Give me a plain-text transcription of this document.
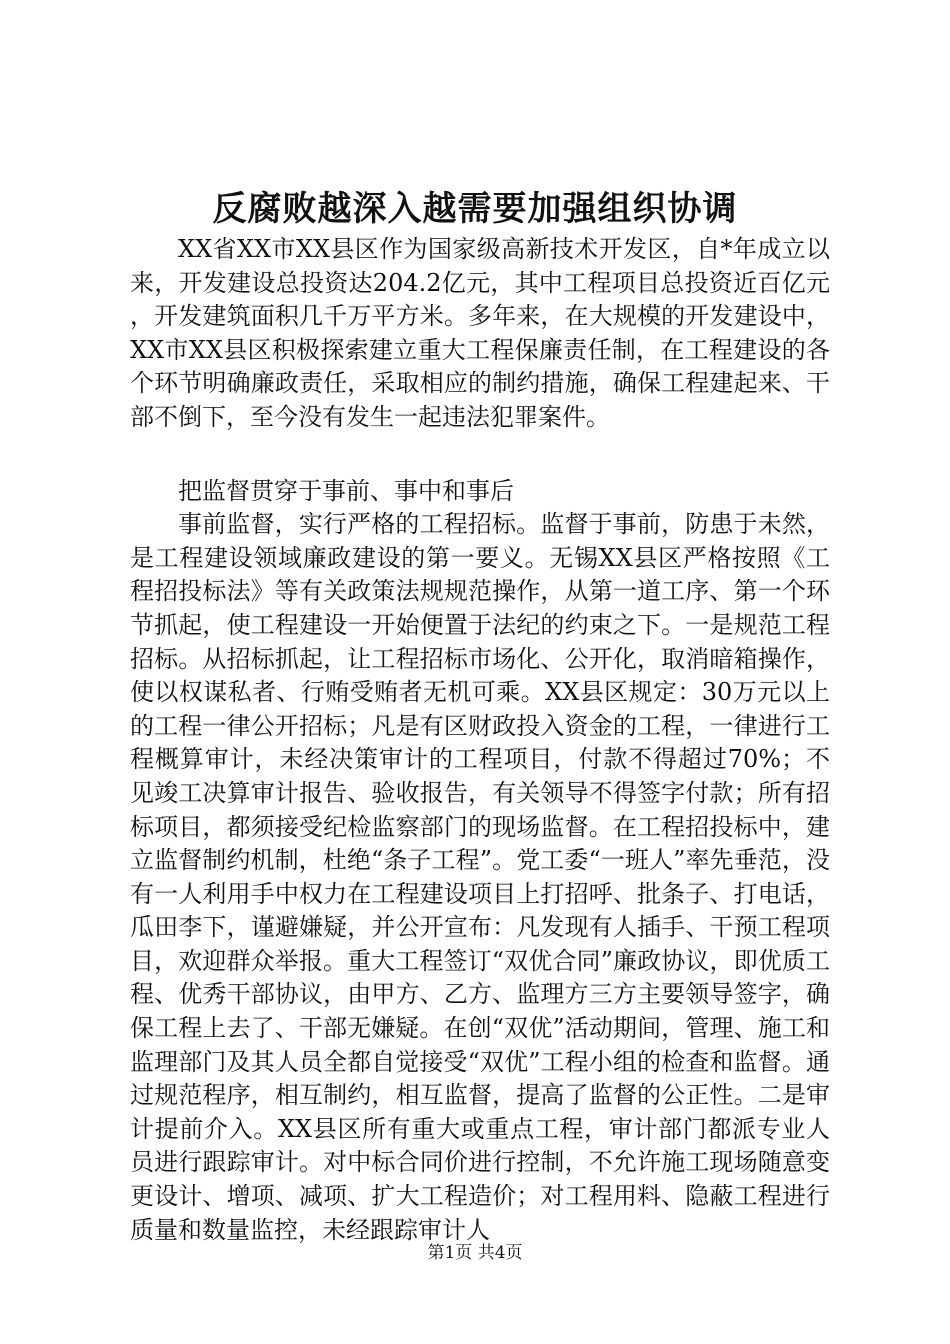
反腐败越深入越需要加强组织协调

XX省XX市XX县区作为国家级高新技术开发区，自*年成立以来，开发建设总投资达204.2亿元，其中工程项目总投资近百亿元，开发建筑面积几千万平方米。多年来，在大规模的开发建设中，XX市XX县区积极探索建立重大工程保廉责任制，在工程建设的各个环节明确廉政责任，采取相应的制约措施，确保工程建起来、干部不倒下，至今没有发生一起违法犯罪案件。

把监督贯穿于事前、事中和事后

事前监督，实行严格的工程招标。监督于事前，防患于未然，是工程建设领域廉政建设的第一要义。无锡XX县区严格按照《工程招投标法》等有关政策法规规范操作，从第一道工序、第一个环节抓起，使工程建设一开始便置于法纪的约束之下。一是规范工程招标。从招标抓起，让工程招标市场化、公开化，取消暗箱操作，使以权谋私者、行贿受贿者无机可乘。XX县区规定：30万元以上的工程一律公开招标；凡是有区财政投入资金的工程，一律进行工程概算审计，未经决策审计的工程项目，付款不得超过70%；不见竣工决算审计报告、验收报告，有关领导不得签字付款；所有招标项目，都须接受纪检监察部门的现场监督。在工程招投标中，建立监督制约机制，杜绝“条子工程”。党工委“一班人”率先垂范，没有一人利用手中权力在工程建设项目上打招呼、批条子、打电话，瓜田李下，谨避嫌疑，并公开宣布：凡发现有人插手、干预工程项目，欢迎群众举报。重大工程签订“双优合同”廉政协议，即优质工程、优秀干部协议，由甲方、乙方、监理方三方主要领导签字，确保工程上去了、干部无嫌疑。在创“双优”活动期间，管理、施工和监理部门及其人员全都自觉接受“双优”工程小组的检查和监督。通过规范程序，相互制约，相互监督，提高了监督的公正性。二是审计提前介入。XX县区所有重大或重点工程，审计部门都派专业人员进行跟踪审计。对中标合同价进行控制，不允许施工现场随意变更设计、增项、减项、扩大工程造价；对工程用料、隐蔽工程进行质量和数量监控，未经跟踪审计人

第1页 共4页
